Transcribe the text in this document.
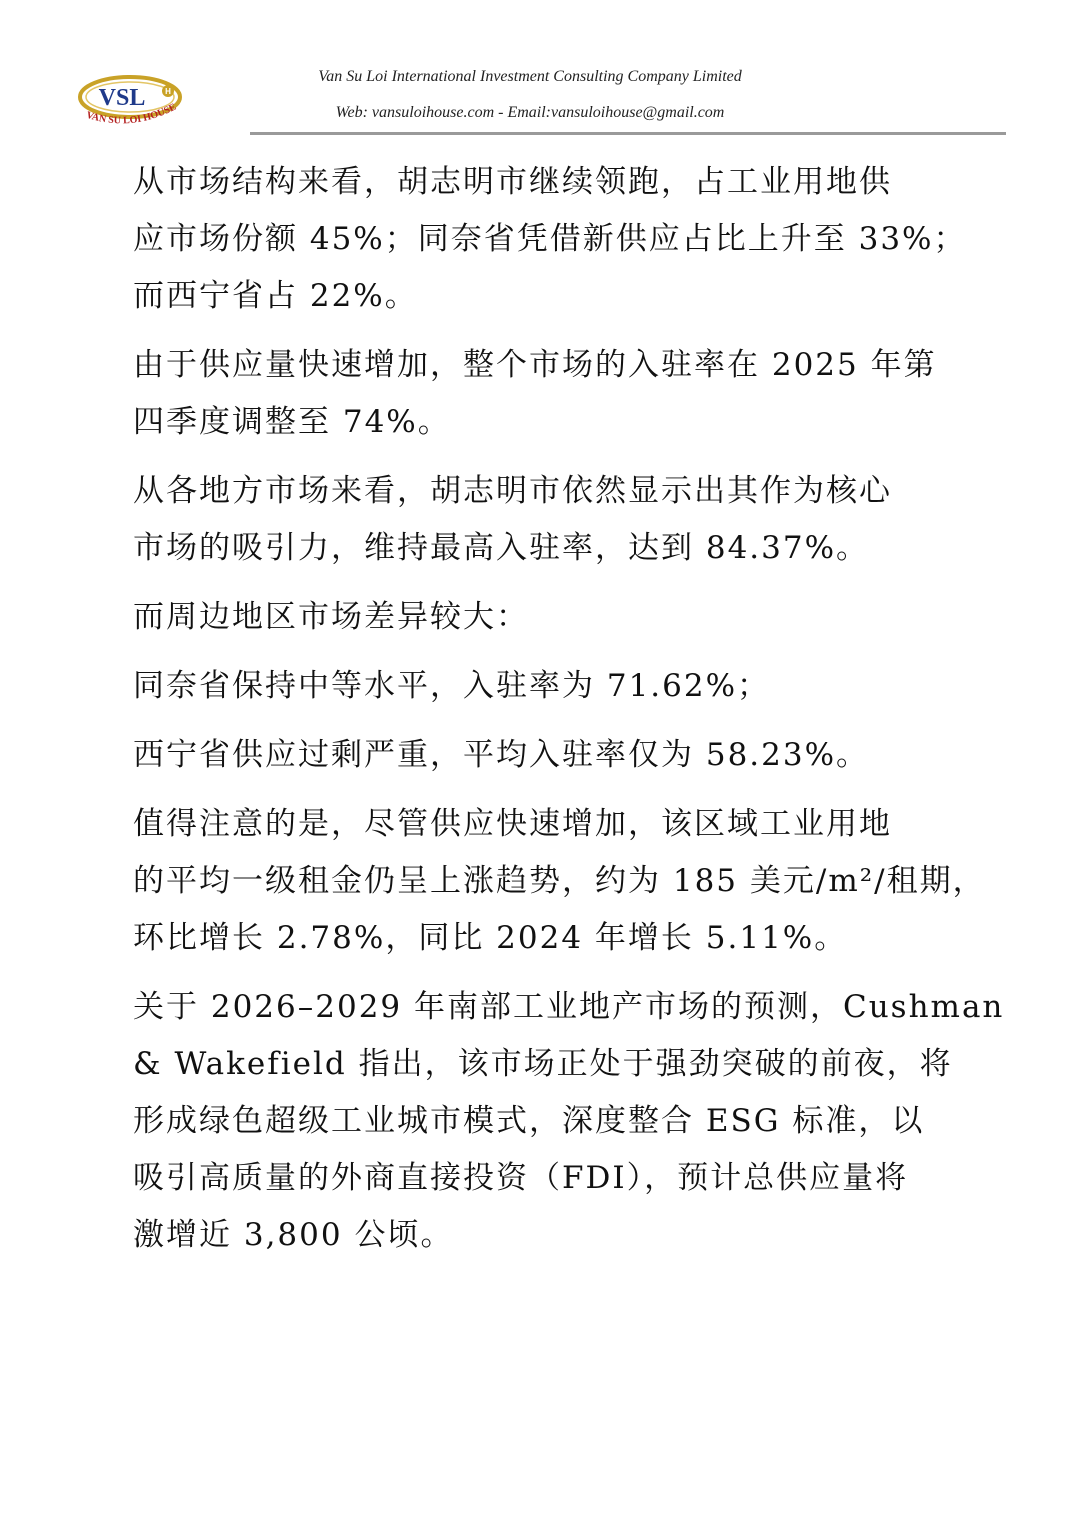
VSL H
VAN SU LOI HOUSE
Van Su Loi International Investment Consulting Company Limited
Web: vansuloihouse.com - Email:vansuloihouse@gmail.com

从市场结构来看，胡志明市继续领跑，占工业用地供
应市场份额 45%；同奈省凭借新供应占比上升至 33%；
而西宁省占 22%。

由于供应量快速增加，整个市场的入驻率在 2025 年第
四季度调整至 74%。

从各地方市场来看，胡志明市依然显示出其作为核心
市场的吸引力，维持最高入驻率，达到 84.37%。

而周边地区市场差异较大：

同奈省保持中等水平，入驻率为 71.62%；

西宁省供应过剩严重，平均入驻率仅为 58.23%。

值得注意的是，尽管供应快速增加，该区域工业用地
的平均一级租金仍呈上涨趋势，约为 185 美元/m²/租期，
环比增长 2.78%，同比 2024 年增长 5.11%。

关于 2026–2029 年南部工业地产市场的预测，Cushman
& Wakefield 指出，该市场正处于强劲突破的前夜，将
形成绿色超级工业城市模式，深度整合 ESG 标准，以
吸引高质量的外商直接投资（FDI），预计总供应量将
激增近 3,800 公顷。
